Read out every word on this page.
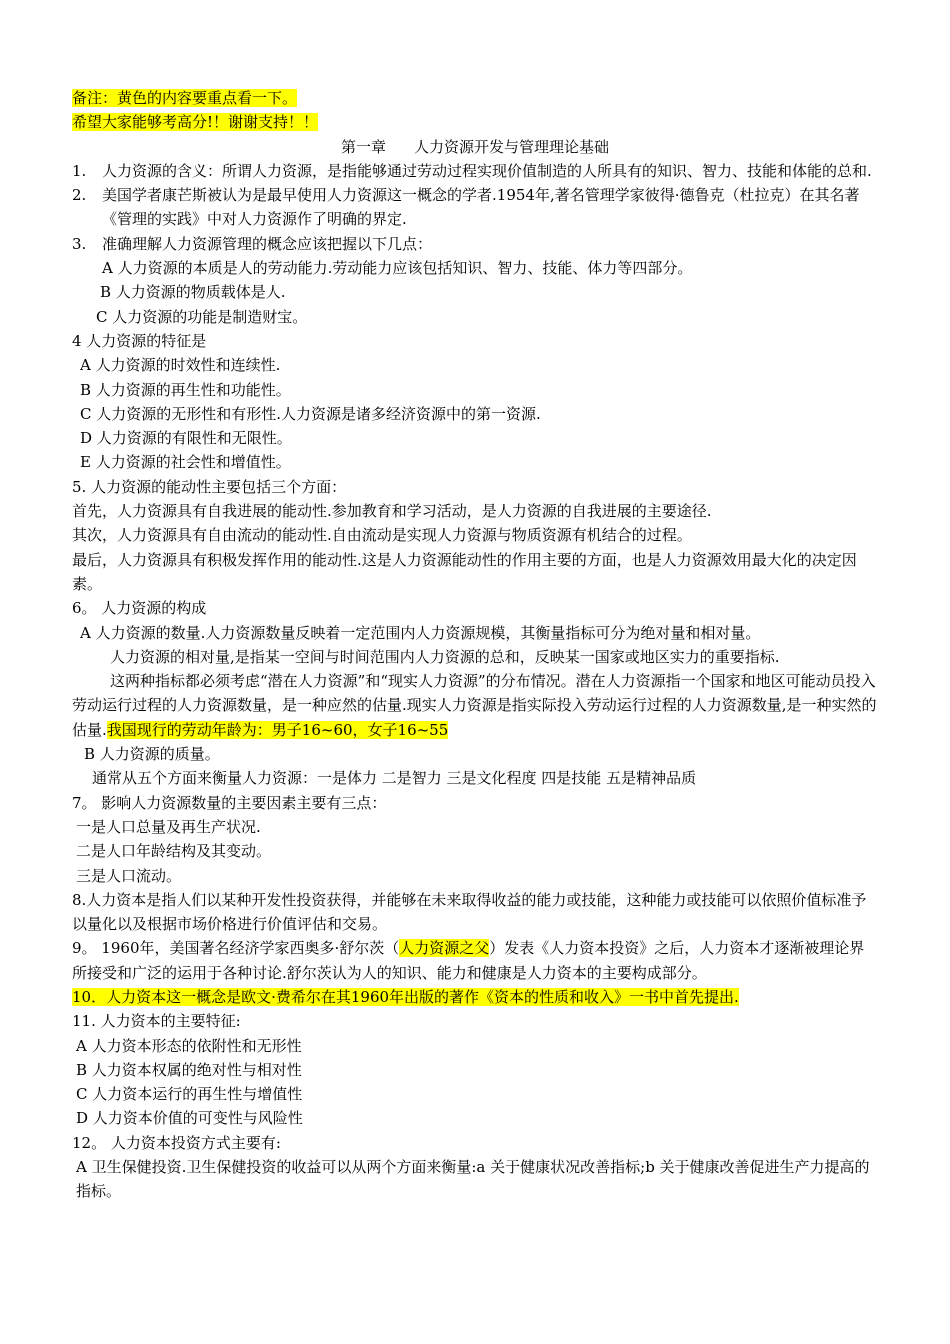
备注：黄色的内容要重点看一下。

希望大家能够考高分!！谢谢支持！！

第一章 人力资源开发与管理理论基础

1.	人力资源的含义：所谓人力资源，是指能够通过劳动过程实现价值制造的人所具有的知识、智力、技能和体能的总和.
2.	美国学者康芒斯被认为是最早使用人力资源这一概念的学者.1954年,著名管理学家彼得·德鲁克（杜拉克）在其名著《管理的实践》中对人力资源作了明确的界定.
3.	准确理解人力资源管理的概念应该把握以下几点：

A 人力资源的本质是人的劳动能力.劳动能力应该包括知识、智力、技能、体力等四部分。

B 人力资源的物质载体是人.

C 人力资源的功能是制造财宝。

4 人力资源的特征是

A 人力资源的时效性和连续性.

B 人力资源的再生性和功能性。

C 人力资源的无形性和有形性.人力资源是诸多经济资源中的第一资源.

D 人力资源的有限性和无限性。

E 人力资源的社会性和增值性。

5. 人力资源的能动性主要包括三个方面：

首先，人力资源具有自我进展的能动性.参加教育和学习活动，是人力资源的自我进展的主要途径.

其次，人力资源具有自由流动的能动性.自由流动是实现人力资源与物质资源有机结合的过程。

最后，人力资源具有积极发挥作用的能动性.这是人力资源能动性的作用主要的方面，也是人力资源效用最大化的决定因素。

6。 人力资源的构成

A 人力资源的数量.人力资源数量反映着一定范围内人力资源规模，其衡量指标可分为绝对量和相对量。

人力资源的相对量,是指某一空间与时间范围内人力资源的总和，反映某一国家或地区实力的重要指标.

这两种指标都必须考虑“潜在人力资源”和“现实人力资源”的分布情况。潜在人力资源指一个国家和地区可能动员投入劳动运行过程的人力资源数量，是一种应然的估量.现实人力资源是指实际投入劳动运行过程的人力资源数量,是一种实然的估量.我国现行的劳动年龄为：男子16~60，女子16~55

B 人力资源的质量。

通常从五个方面来衡量人力资源：一是体力 二是智力 三是文化程度 四是技能 五是精神品质

7。 影响人力资源数量的主要因素主要有三点：

一是人口总量及再生产状况.

二是人口年龄结构及其变动。

三是人口流动。

8.人力资本是指人们以某种开发性投资获得，并能够在未来取得收益的能力或技能，这种能力或技能可以依照价值标准予以量化以及根据市场价格进行价值评估和交易。

9。 1960年，美国著名经济学家西奥多·舒尔茨（人力资源之父）发表《人力资本投资》之后，人力资本才逐渐被理论界所接受和广泛的运用于各种讨论.舒尔茨认为人的知识、能力和健康是人力资本的主要构成部分。

10．人力资本这一概念是欧文·费希尔在其1960年出版的著作《资本的性质和收入》一书中首先提出.

11. 人力资本的主要特征:

A 人力资本形态的依附性和无形性

B 人力资本权属的绝对性与相对性

C 人力资本运行的再生性与增值性

D 人力资本价值的可变性与风险性

12。 人力资本投资方式主要有:

A 卫生保健投资.卫生保健投资的收益可以从两个方面来衡量:a 关于健康状况改善指标;b 关于健康改善促进生产力提高的指标。
